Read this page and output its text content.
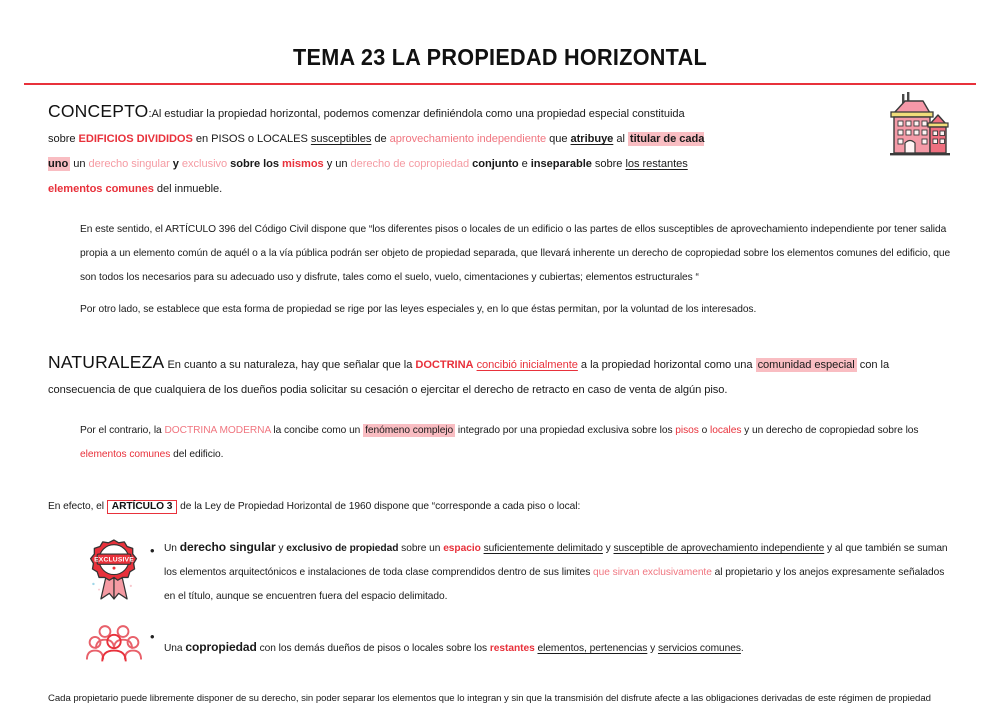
TEMA 23 LA PROPIEDAD HORIZONTAL

CONCEPTO:Al estudiar la propiedad horizontal, podemos comenzar definiéndola como una propiedad especial constituida sobre EDIFICIOS DIVIDIDOS en PISOS o LOCALES susceptibles de aprovechamiento independiente que atribuye al titular de cada uno un derecho singular y exclusivo sobre los mismos y un derecho de copropiedad conjunto e inseparable sobre los restantes elementos comunes del inmueble.

En este sentido, el ARTÍCULO 396 del Código Civil dispone que “los diferentes pisos o locales de un edificio o las partes de ellos susceptibles de aprovechamiento independiente por tener salida propia a un elemento común de aquél o a la vía pública podrán ser objeto de propiedad separada, que llevará inherente un derecho de copropiedad sobre los elementos comunes del edificio, que son todos los necesarios para su adecuado uso y disfrute, tales como el suelo, vuelo, cimentaciones y cubiertas; elementos estructurales “

Por otro lado, se establece que esta forma de propiedad se rige por las leyes especiales y, en lo que éstas permitan, por la voluntad de los interesados.

NATURALEZA En cuanto a su naturaleza, hay que señalar que la DOCTRINA concibió inicialmente a la propiedad horizontal como una comunidad especial con la consecuencia de que cualquiera de los dueños podia solicitar su cesación o ejercitar el derecho de retracto en caso de venta de algún piso.

Por el contrario, la DOCTRINA MODERNA la concibe como un fenómeno complejo integrado por una propiedad exclusiva sobre los pisos o locales y un derecho de copropiedad sobre los elementos comunes del edificio.

En efecto, el ARTÍCULO 3 de la Ley de Propiedad Horizontal de 1960 dispone que “corresponde a cada piso o local:

EXCLUSIVE
• Un derecho singular y exclusivo de propiedad sobre un espacio suficientemente delimitado y susceptible de aprovechamiento independiente y al que también se suman los elementos arquitectónicos e instalaciones de toda clase comprendidos dentro de sus limites que sirvan exclusivamente al propietario y los anejos expresamente señalados en el título, aunque se encuentren fuera del espacio delimitado.

•

Una copropiedad con los demás dueños de pisos o locales sobre los restantes elementos, pertenencias y servicios comunes.

Cada propietario puede libremente disponer de su derecho, sin poder separar los elementos que lo integran y sin que la transmisión del disfrute afecte a las obligaciones derivadas de este régimen de propiedad
